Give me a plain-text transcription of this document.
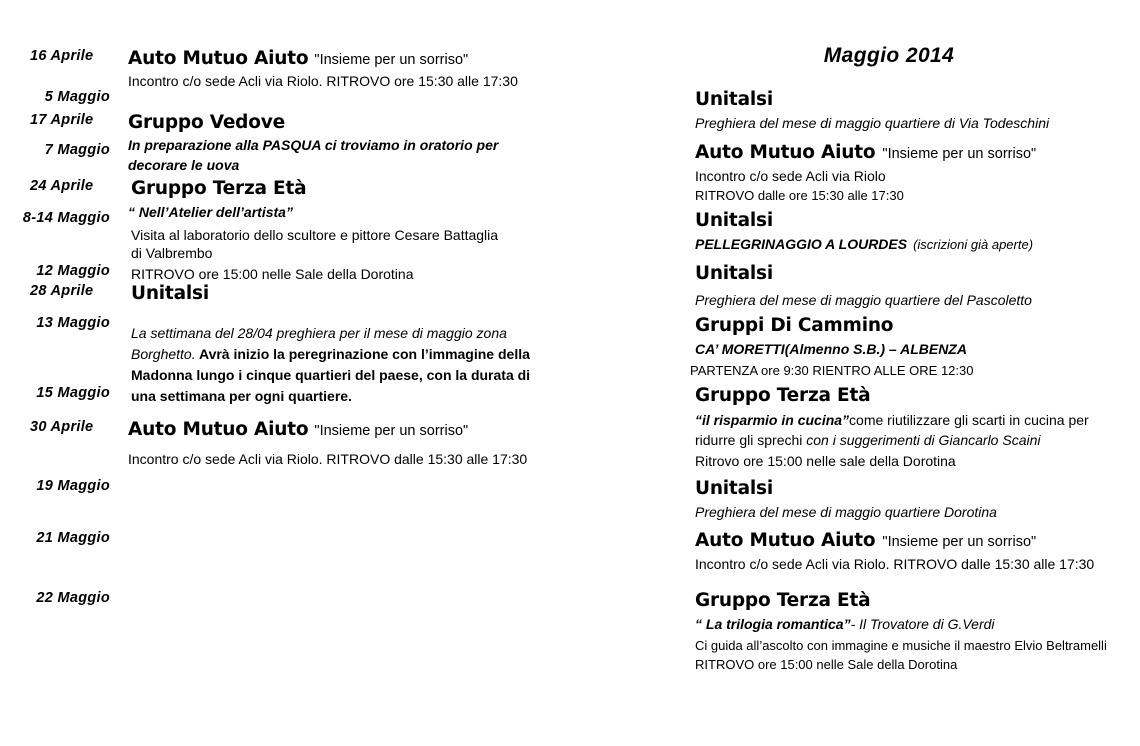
16 Aprile Auto Mutuo Aiuto "Insieme per un sorriso"
Incontro c/o sede Acli via Riolo. RITROVO ore 15:30 alle 17:30
17 Aprile Gruppo Vedove
In preparazione alla PASQUA ci troviamo in oratorio per decorare le uova
24 Aprile Gruppo Terza Età
“ Nell’Atelier dell’artista”
Visita al laboratorio dello scultore e pittore Cesare Battaglia di Valbrembo
RITROVO ore 15:00 nelle Sale della Dorotina
28 Aprile Unitalsi
La settimana del 28/04 preghiera per il mese di maggio zona Borghetto. Avrà inizio la peregrinazione con l’immagine della Madonna lungo i cinque quartieri del paese, con la durata di una settimana per ogni quartiere.
30 Aprile Auto Mutuo Aiuto "Insieme per un sorriso"
Incontro c/o sede Acli via Riolo. RITROVO dalle 15:30 alle 17:30
Maggio 2014
5 Maggio	Unitalsi
Preghiera del mese di maggio quartiere di Via Todeschini
7 Maggio	Auto Mutuo Aiuto "Insieme per un sorriso"
Incontro c/o sede Acli via Riolo
RITROVO dalle ore 15:30 alle 17:30
8-14 Maggio	Unitalsi
PELLEGRINAGGIO A LOURDES (iscrizioni già aperte)
12 Maggio	Unitalsi
Preghiera del mese di maggio quartiere del Pascoletto
13 Maggio	Gruppi Di Cammino
CA’ MORETTI(Almenno S.B.) – ALBENZA
PARTENZA ore 9:30 RIENTRO ALLE ORE 12:30
15 Maggio	Gruppo Terza Età
“il risparmio in cucina”come riutilizzare gli scarti in cucina per ridurre gli sprechi con i suggerimenti di Giancarlo Scaini
Ritrovo ore 15:00 nelle sale della Dorotina
19 Maggio	Unitalsi
Preghiera del mese di maggio quartiere Dorotina
21 Maggio	Auto Mutuo Aiuto "Insieme per un sorriso"
Incontro c/o sede Acli via Riolo. RITROVO dalle 15:30 alle 17:30
22 Maggio	Gruppo Terza Età
“ La trilogia romantica”- Il Trovatore di G.Verdi
Ci guida all’ascolto con immagine e musiche il maestro Elvio Beltramelli
RITROVO ore 15:00 nelle Sale della Dorotina
